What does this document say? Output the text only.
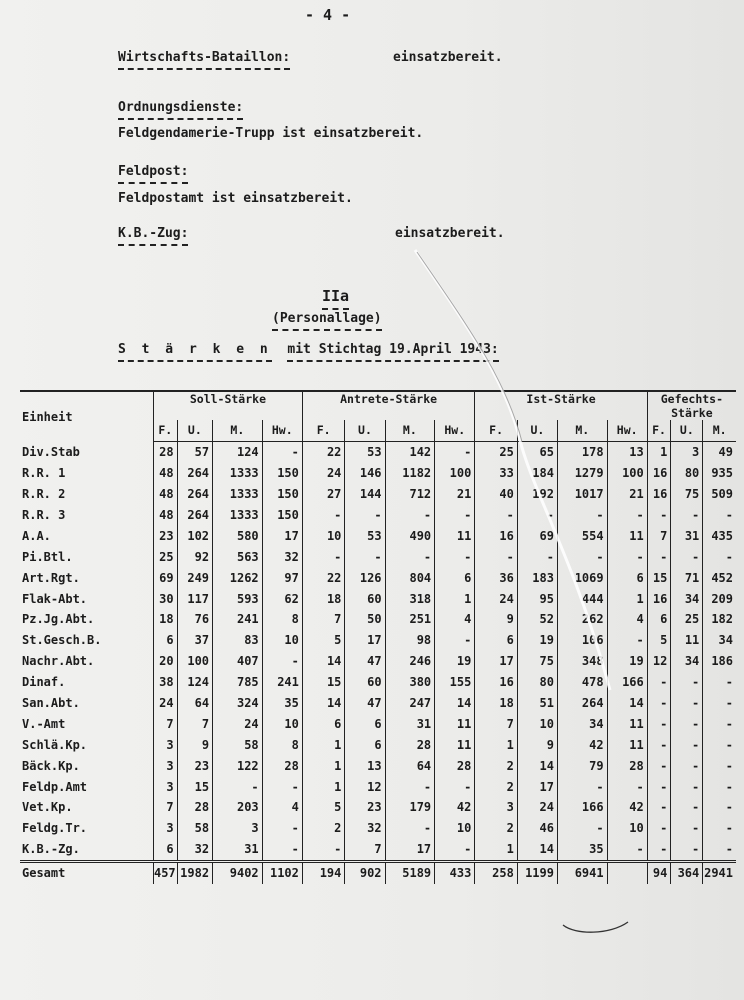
- 4 -
Wirtschafts-Bataillon:	einsatzbereit.
Ordnungsdienste:
Feldgendamerie-Trupp ist einsatzbereit.
Feldpost:
Feldpostamt ist einsatzbereit.
K.B.-Zug:	einsatzbereit.
IIa
(Personallage)
S t ä r k e n mit Stichtag 19.April 1943:
Einheit	Soll-Stärke				Antrete-Stärke				Ist-Stärke				Gefechts-Stärke		
	F.	U.	M.	Hw.	F.	U.	M.	Hw.	F.	U.	M.	Hw.	F.	U.	M.
Div.Stab	28	57	124	-	22	53	142	-	25	65	178	13	1	3	49
R.R. 1	48	264	1333	150	24	146	1182	100	33	184	1279	100	16	80	935
R.R. 2	48	264	1333	150	27	144	712	21	40	192	1017	21	16	75	509
R.R. 3	48	264	1333	150	-	-	-	-	-	-	-	-	-	-	-
A.A.	23	102	580	17	10	53	490	11	16	69	554	11	7	31	435
Pi.Btl.	25	92	563	32	-	-	-	-	-	-	-	-	-	-	-
Art.Rgt.	69	249	1262	97	22	126	804	6	36	183	1069	6	15	71	452
Flak-Abt.	30	117	593	62	18	60	318	1	24	95	444	1	16	34	209
Pz.Jg.Abt.	18	76	241	8	7	50	251	4	9	52	262	4	6	25	182
St.Gesch.B.	6	37	83	10	5	17	98	-	6	19	106	-	5	11	34
Nachr.Abt.	20	100	407	-	14	47	246	19	17	75	348	19	12	34	186
Dinaf.	38	124	785	241	15	60	380	155	16	80	478	166	-	-	-
San.Abt.	24	64	324	35	14	47	247	14	18	51	264	14	-	-	-
V.-Amt	7	7	24	10	6	6	31	11	7	10	34	11	-	-	-
Schlä.Kp.	3	9	58	8	1	6	28	11	1	9	42	11	-	-	-
Bäck.Kp.	3	23	122	28	1	13	64	28	2	14	79	28	-	-	-
Feldp.Amt	3	15	-	-	1	12	-	-	2	17	-	-	-	-	-
Vet.Kp.	7	28	203	4	5	23	179	42	3	24	166	42	-	-	-
Feldg.Tr.	3	58	3	-	2	32	-	10	2	46	-	10	-	-	-
K.B.-Zg.	6	32	31	-	-	7	17	-	1	14	35	-	-	-	-
Gesamt	457	1982	9402	1102	194	902	5189	433	258	1199	6941		94	364	2941
